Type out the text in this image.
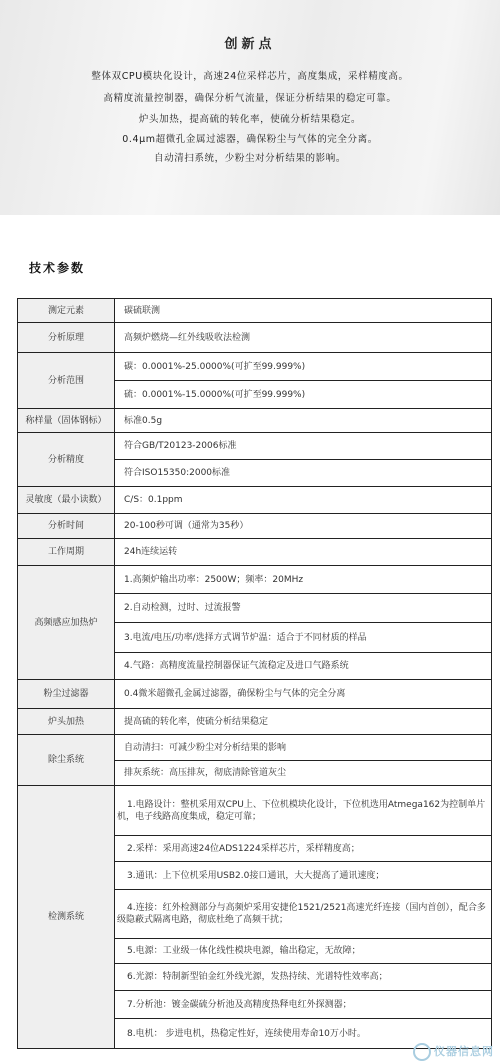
创新点
整体双CPU模块化设计，高速24位采样芯片，高度集成，采样精度高。
高精度流量控制器，确保分析气流量，保证分析结果的稳定可靠。
炉头加热，提高硫的转化率，使硫分析结果稳定。
0.4μm超微孔金属过滤器，确保粉尘与气体的完全分离。
自动清扫系统，少粉尘对分析结果的影响。
技术参数
测定元素	碳硫联测
分析原理	高频炉燃烧—红外线吸收法检测
分析范围	碳：0.0001%-25.0000%(可扩至99.999%)
	硫：0.0001%-15.0000%(可扩至99.999%)
称样量（固体钢标）	标准0.5g
分析精度	符合GB/T20123-2006标准
	符合ISO15350:2000标准
灵敏度（最小读数）	C/S：0.1ppm
分析时间	20-100秒可调（通常为35秒）
工作周期	24h连续运转
高频感应加热炉	1.高频炉输出功率：2500W；频率：20MHz
	2.自动检测，过时、过流报警
	3.电流/电压/功率/选择方式调节炉温：适合于不同材质的样品
	4.气路：高精度流量控制器保证气流稳定及进口气路系统
粉尘过滤器	0.4微米超微孔金属过滤器，确保粉尘与气体的完全分离
炉头加热	提高硫的转化率，使硫分析结果稳定
除尘系统	自动清扫：可减少粉尘对分析结果的影响
	排灰系统：高压排灰，彻底清除管道灰尘
检测系统	1.电路设计：整机采用双CPU上、下位机模块化设计，下位机选用Atmega162为控制单片机，电子线路高度集成，稳定可靠；
	2.采样：采用高速24位ADS1224采样芯片，采样精度高；
	3.通讯：上下位机采用USB2.0接口通讯，大大提高了通讯速度；
	4.连接：红外检测部分与高频炉采用安捷伦1521/2521高速光纤连接（国内首创），配合多级隐蔽式隔离电路，彻底杜绝了高频干扰；
	5.电源：工业级一体化线性模块电源，输出稳定，无故障；
	6.光源：特制新型铂金红外线光源，发热持续、光谱特性效率高；
	7.分析池：镀金碳硫分析池及高精度热释电红外探测器；
	8.电机： 步进电机，热稳定性好，连续使用寿命10万小时。
仪器信息网
